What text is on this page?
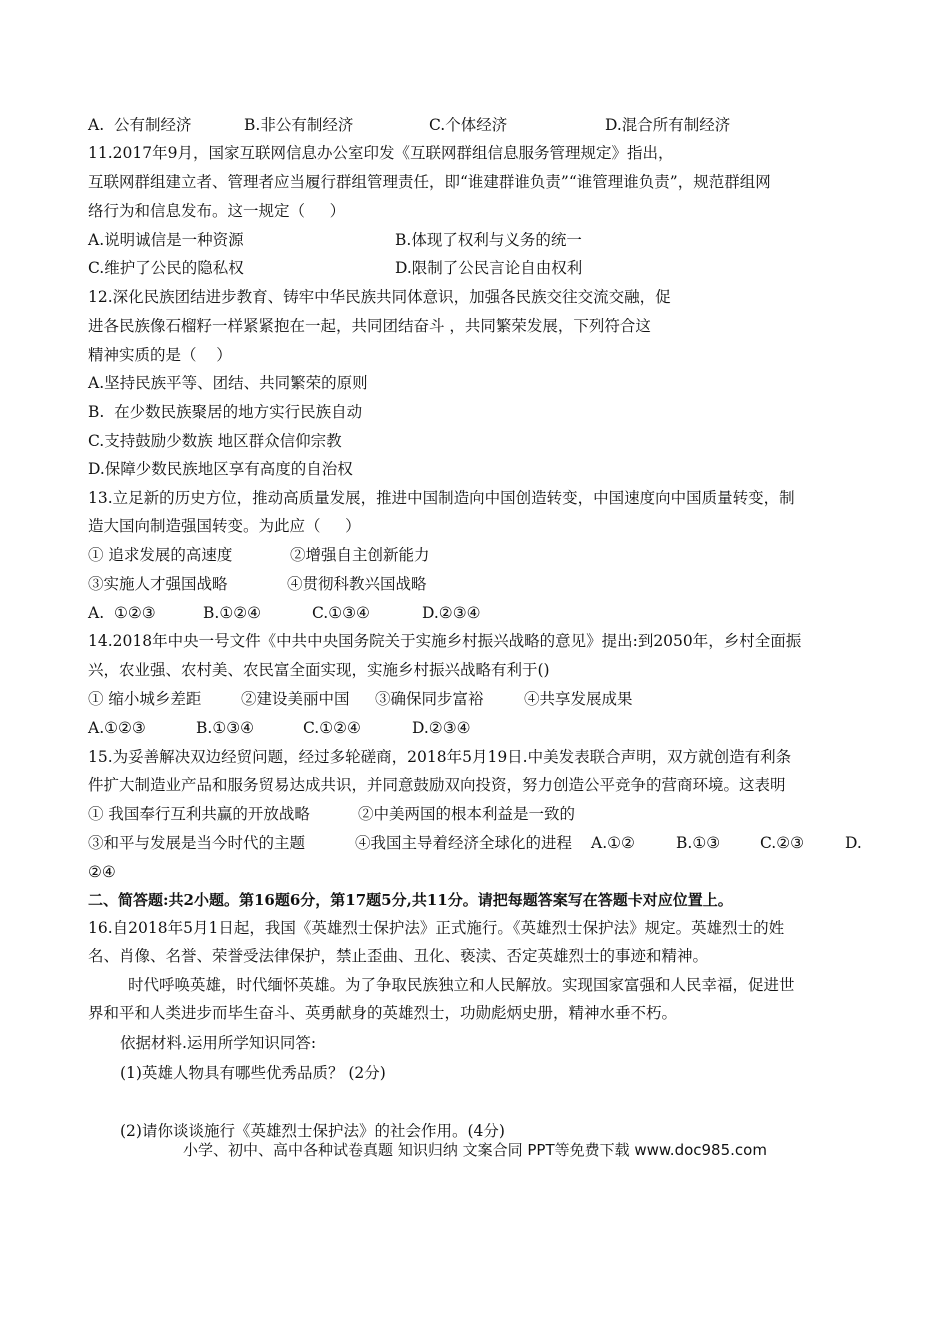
A.  公有制经济	B.非公有制经济	C.个体经济	D.混合所有制经济
11.2017年9月，国家互联网信息办公室印发《互联网群组信息服务管理规定》指出，
互联网群组建立者、管理者应当履行群组管理责任，即“谁建群谁负责”“谁管理谁负责”，规范群组网
络行为和信息发布。这一规定（     ）
A.说明诚信是一种资源	B.体现了权利与义务的统一
C.维护了公民的隐私权	D.限制了公民言论自由权利
12.深化民族团结进步教育、铸牢中华民族共同体意识，加强各民族交往交流交融，促
进各民族像石榴籽一样紧紧抱在一起，共同团结奋斗 ，共同繁荣发展，下列符合这
精神实质的是（    ）
A.坚持民族平等、团结、共同繁荣的原则
B.  在少数民族聚居的地方实行民族自动
C.支持鼓励少数族 地区群众信仰宗教
D.保障少数民族地区享有高度的自治权
13.立足新的历史方位，推动高质量发展，推进中国制造向中国创造转变，中国速度向中国质量转变，制
造大国向制造强国转变。为此应（     ）
① 追求发展的高速度	②增强自主创新能力
③实施人才强国战略	④贯彻科教兴国战略
A.  ①②③	B.①②④	C.①③④	D.②③④
14.2018年中央一号文件《中共中央国务院关于实施乡村振兴战略的意见》提出:到2050年，乡村全面振
兴，农业强、农村美、农民富全面实现，实施乡村振兴战略有利于()
① 缩小城乡差距	②建设美丽中国 ③确保同步富裕	④共享发展成果
A.①②③	B.①③④	C.①②④	D.②③④
15.为妥善解决双边经贸问题，经过多轮磋商，2018年5月19日.中美发表联合声明，双方就创造有利条
件扩大制造业产品和服务贸易达成共识，并同意鼓励双向投资，努力创造公平竞争的营商环境。这表明
① 我国奉行互利共赢的开放战略	②中美两国的根本利益是一致的
③和平与发展是当今时代的主题	④我国主导着经济全球化的进程 A.①②	B.①③	C.②③	D.
②④
二、简答题:共2小题。第16题6分，第17题5分,共11分。请把每题答案写在答题卡对应位置上。
16.自2018年5月1日起，我国《英雄烈士保护法》正式施行。《英雄烈士保护法》规定。英雄烈士的姓
名、肖像、名誉、荣誉受法律保护，禁止歪曲、丑化、亵渎、否定英雄烈士的事迹和精神。
时代呼唤英雄，时代缅怀英雄。为了争取民族独立和人民解放。实现国家富强和人民幸福，促进世
界和平和人类进步而毕生奋斗、英勇献身的英雄烈士，功勋彪炳史册，精神水垂不朽。
依据材料.运用所学知识同答:
(1)英雄人物具有哪些优秀品质？ (2分)
(2)请你谈谈施行《英雄烈士保护法》的社会作用。(4分)
小学、初中、高中各种试卷真题 知识归纳 文案合同 PPT等免费下载 www.doc985.com
